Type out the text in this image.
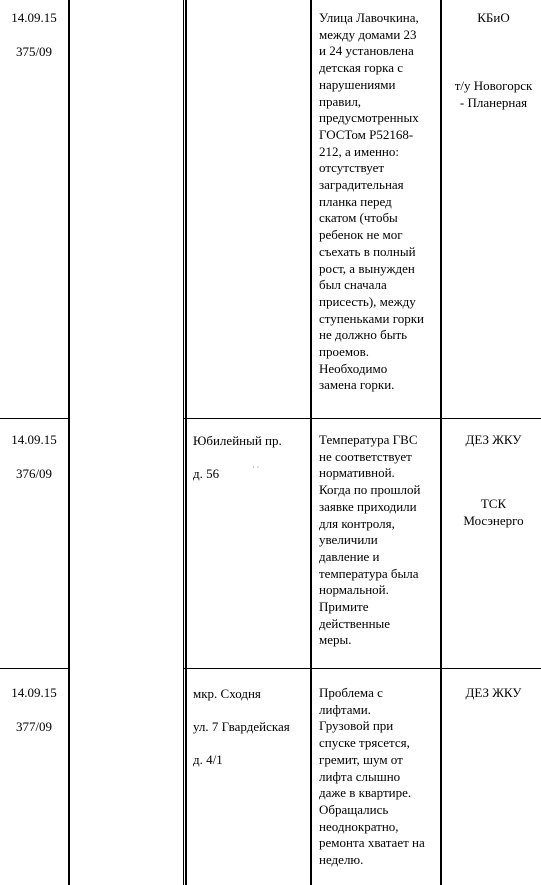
14.09.15
375/09
Улица Лавочкина,
между домами 23
и 24 установлена
детская горка с
нарушениями
правил,
предусмотренных
ГОСТом Р52168-
212, а именно:
отсутствует
заградительная
планка перед
скатом (чтобы
ребенок не мог
съехать в полный
рост, а вынужден
был сначала
присесть), между
ступеньками горки
не должно быть
проемов.
Необходимо
замена горки.
КБиО
т/у Новогорск
- Планерная
14.09.15
376/09
Юбилейный пр.
д. 56	· ·
Температура ГВС
не соответствует
нормативной.
Когда по прошлой
заявке приходили
для контроля,
увеличили
давление и
температура была
нормальной.
Примите
действенные
меры.
ДЕЗ ЖКУ
ТСК
Мосэнерго
14.09.15
377/09
мкр. Сходня
ул. 7 Гвардейская
д. 4/1
Проблема с
лифтами.
Грузовой при
спуске трясется,
гремит, шум от
лифта слышно
даже в квартире.
Обращались
неоднократно,
ремонта хватает на
неделю.
ДЕЗ ЖКУ
